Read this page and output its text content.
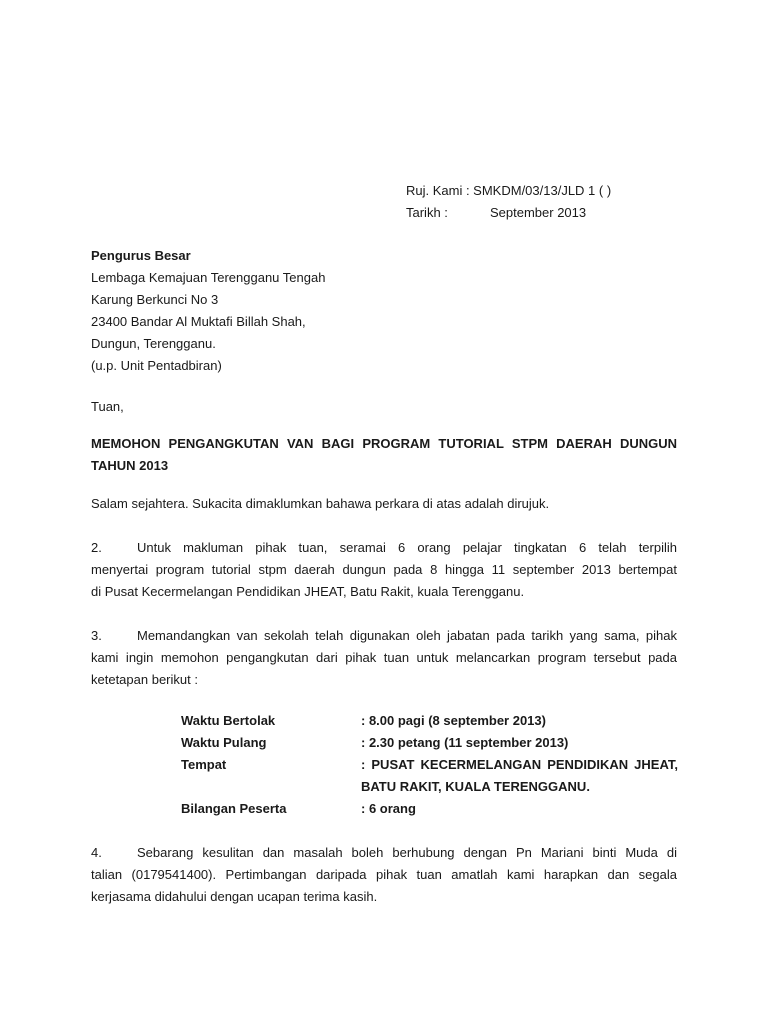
Ruj. Kami : SMKDM/03/13/JLD 1 ( )
Tarikh :	September 2013
Pengurus Besar
Lembaga Kemajuan Terengganu Tengah
Karung Berkunci No 3
23400 Bandar Al Muktafi Billah Shah,
Dungun, Terengganu.
(u.p. Unit Pentadbiran)
Tuan,
MEMOHON PENGANGKUTAN VAN BAGI PROGRAM TUTORIAL STPM DAERAH DUNGUN
TAHUN 2013
Salam sejahtera. Sukacita dimaklumkan bahawa perkara di atas adalah dirujuk.
2.	Untuk makluman pihak tuan, seramai 6 orang pelajar tingkatan 6 telah terpilih
menyertai program tutorial stpm daerah dungun pada 8 hingga 11 september 2013 bertempat
di Pusat Kecermelangan Pendidikan JHEAT, Batu Rakit, kuala Terengganu.
3.	Memandangkan van sekolah telah digunakan oleh jabatan pada tarikh yang sama, pihak
kami ingin memohon pengangkutan dari pihak tuan untuk melancarkan program tersebut pada
ketetapan berikut :
Waktu Bertolak	: 8.00 pagi (8 september 2013)
Waktu Pulang	: 2.30 petang (11 september 2013)
Tempat	: PUSAT KECERMELANGAN PENDIDIKAN JHEAT,
BATU RAKIT, KUALA TERENGGANU.
Bilangan Peserta	: 6 orang
4.	Sebarang kesulitan dan masalah boleh berhubung dengan Pn Mariani binti Muda di
talian (0179541400). Pertimbangan daripada pihak tuan amatlah kami harapkan dan segala
kerjasama didahului dengan ucapan terima kasih.
